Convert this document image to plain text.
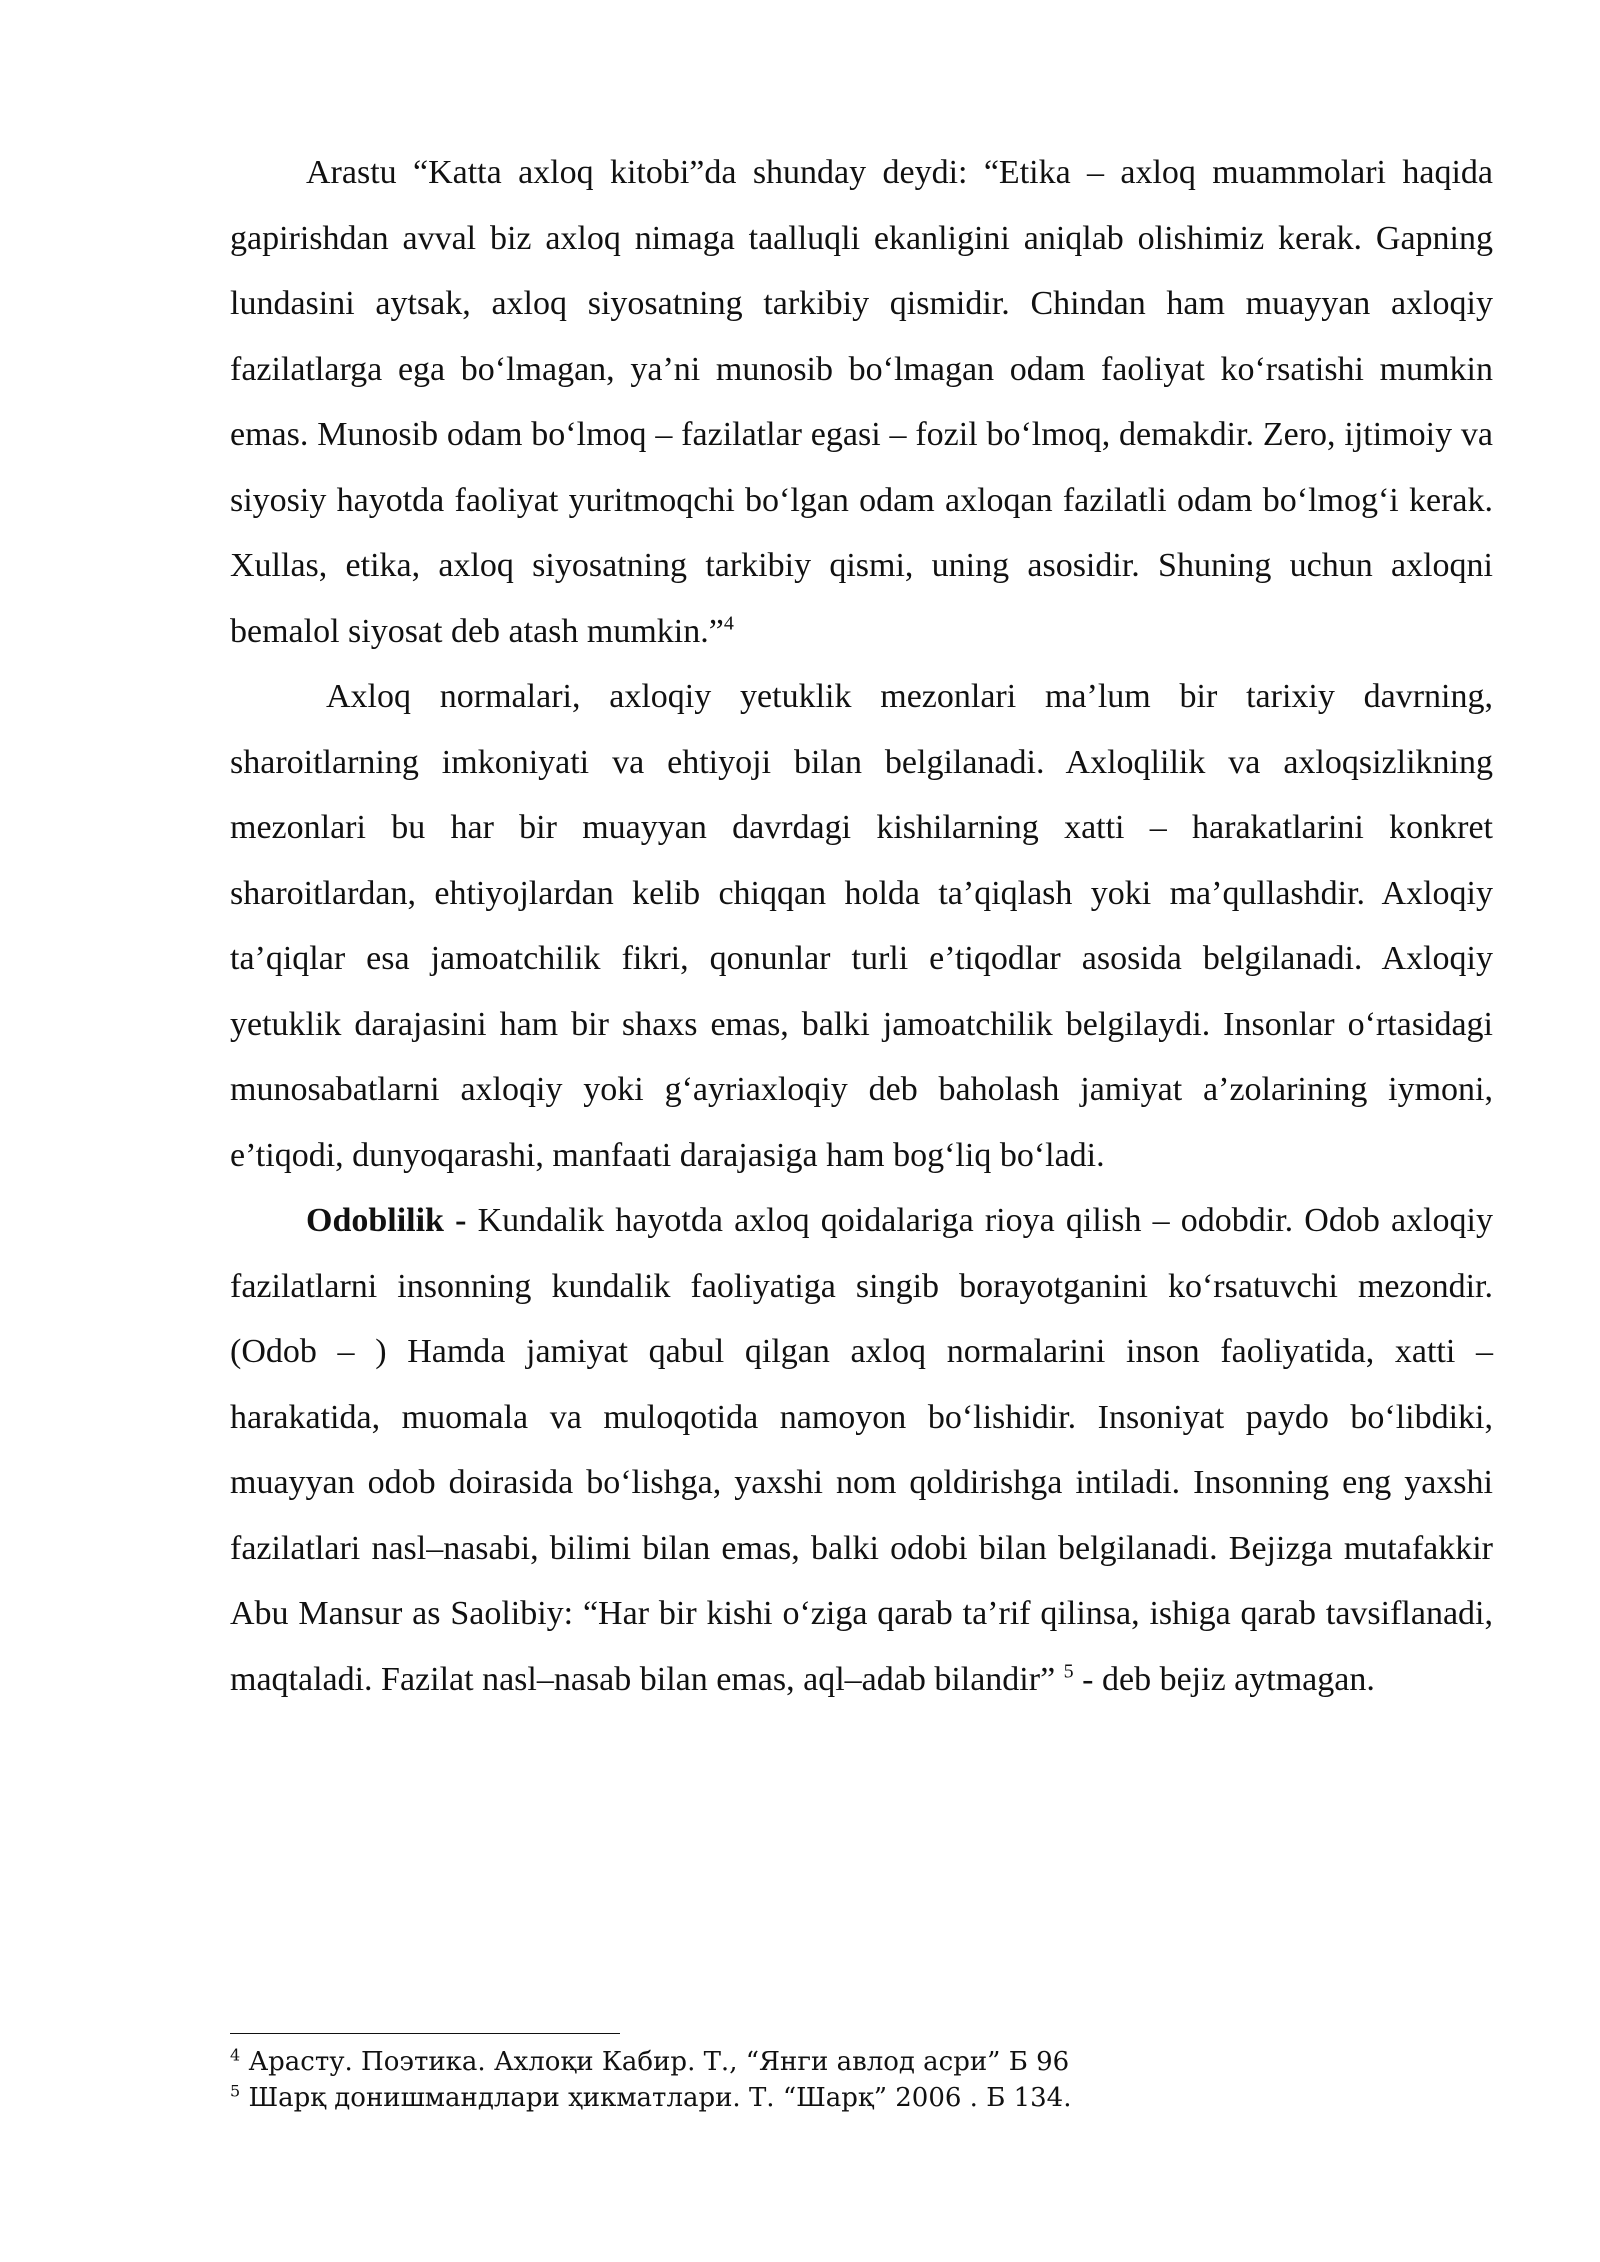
Arastu “Katta axloq kitobi”da shunday deydi: “Etika – axloq muammolari haqida gapirishdan avval biz axloq nimaga taalluqli ekanligini aniqlab olishimiz kerak. Gapning lundasini aytsak, axloq siyosatning tarkibiy qismidir. Chindan ham muayyan axloqiy fazilatlarga ega bo‘lmagan, ya’ni munosib bo‘lmagan odam faoliyat ko‘rsatishi mumkin emas. Munosib odam bo‘lmoq – fazilatlar egasi – fozil bo‘lmoq, demakdir. Zero, ijtimoiy va siyosiy hayotda faoliyat yuritmoqchi bo‘lgan odam axloqan fazilatli odam bo‘lmog‘i kerak. Xullas, etika, axloq siyosatning tarkibiy qismi, uning asosidir. Shuning uchun axloqni bemalol siyosat deb atash mumkin.”$^4$

Axloq normalari, axloqiy yetuklik mezonlari ma’lum bir tarixiy davrning, sharoitlarning imkoniyati va ehtiyoji bilan belgilanadi. Axloqlilik va axloqsizlikning mezonlari bu har bir muayyan davrdagi kishilarning xatti – harakatlarini konkret sharoitlardan, ehtiyojlardan kelib chiqqan holda ta’qiqlash yoki ma’qullashdir. Axloqiy ta’qiqlar esa jamoatchilik fikri, qonunlar turli e’tiqodlar asosida belgilanadi. Axloqiy yetuklik darajasini ham bir shaxs emas, balki jamoatchilik belgilaydi. Insonlar o‘rtasidagi munosabatlarni axloqiy yoki g‘ayriaxloqiy deb baholash jamiyat a’zolarining iymoni, e’tiqodi, dunyoqarashi, manfaati darajasiga ham bog‘liq bo‘ladi.

Odoblilik - Kundalik hayotda axloq qoidalariga rioya qilish – odobdir. Odob axloqiy fazilatlarni insonning kundalik faoliyatiga singib borayotganini ko‘rsatuvchi mezondir. (Odob – ) Hamda jamiyat qabul qilgan axloq normalarini inson faoliyatida, xatti – harakatida, muomala va muloqotida namoyon bo‘lishidir. Insoniyat paydo bo‘libdiki, muayyan odob doirasida bo‘lishga, yaxshi nom qoldirishga intiladi. Insonning eng yaxshi fazilatlari nasl–nasabi, bilimi bilan emas, balki odobi bilan belgilanadi. Bejizga mutafakkir Abu Mansur as Saolibiy: “Har bir kishi o‘ziga qarab ta’rif qilinsa, ishiga qarab tavsiflanadi, maqtaladi. Fazilat nasl–nasab bilan emas, aql–adab bilandir” $^5$ - deb bejiz aytmagan.

$^4$ Арасту. Поэтика. Ахлоқи Кабир. Т., “Янги авлод асри” Б 96

$^5$ Шарқ донишмандлари ҳикматлари. Т. “Шарқ” 2006 . Б 134.
